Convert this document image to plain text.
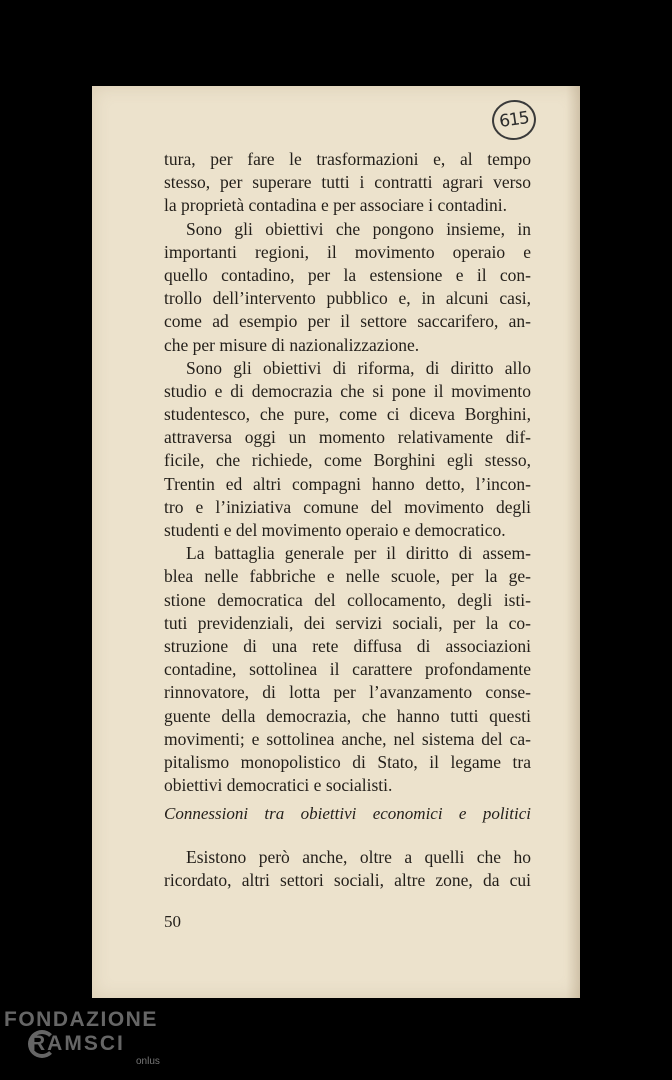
615
tura, per fare le trasformazioni e, al tempo
stesso, per superare tutti i contratti agrari verso
la proprietà contadina e per associare i contadini.
Sono gli obiettivi che pongono insieme, in
importanti regioni, il movimento operaio e
quello contadino, per la estensione e il con-
trollo dell’intervento pubblico e, in alcuni casi,
come ad esempio per il settore saccarifero, an-
che per misure di nazionalizzazione.
Sono gli obiettivi di riforma, di diritto allo
studio e di democrazia che si pone il movimento
studentesco, che pure, come ci diceva Borghini,
attraversa oggi un momento relativamente dif-
ficile, che richiede, come Borghini egli stesso,
Trentin ed altri compagni hanno detto, l’incon-
tro e l’iniziativa comune del movimento degli
studenti e del movimento operaio e democratico.
La battaglia generale per il diritto di assem-
blea nelle fabbriche e nelle scuole, per la ge-
stione democratica del collocamento, degli isti-
tuti previdenziali, dei servizi sociali, per la co-
struzione di una rete diffusa di associazioni
contadine, sottolinea il carattere profondamente
rinnovatore, di lotta per l’avanzamento conse-
guente della democrazia, che hanno tutti questi
movimenti; e sottolinea anche, nel sistema del ca-
pitalismo monopolistico di Stato, il legame tra
obiettivi democratici e socialisti.
Connessioni tra obiettivi economici e politici
Esistono però anche, oltre a quelli che ho
ricordato, altri settori sociali, altre zone, da cui
50
FONDAZIONE
RAMSCI
onlus
